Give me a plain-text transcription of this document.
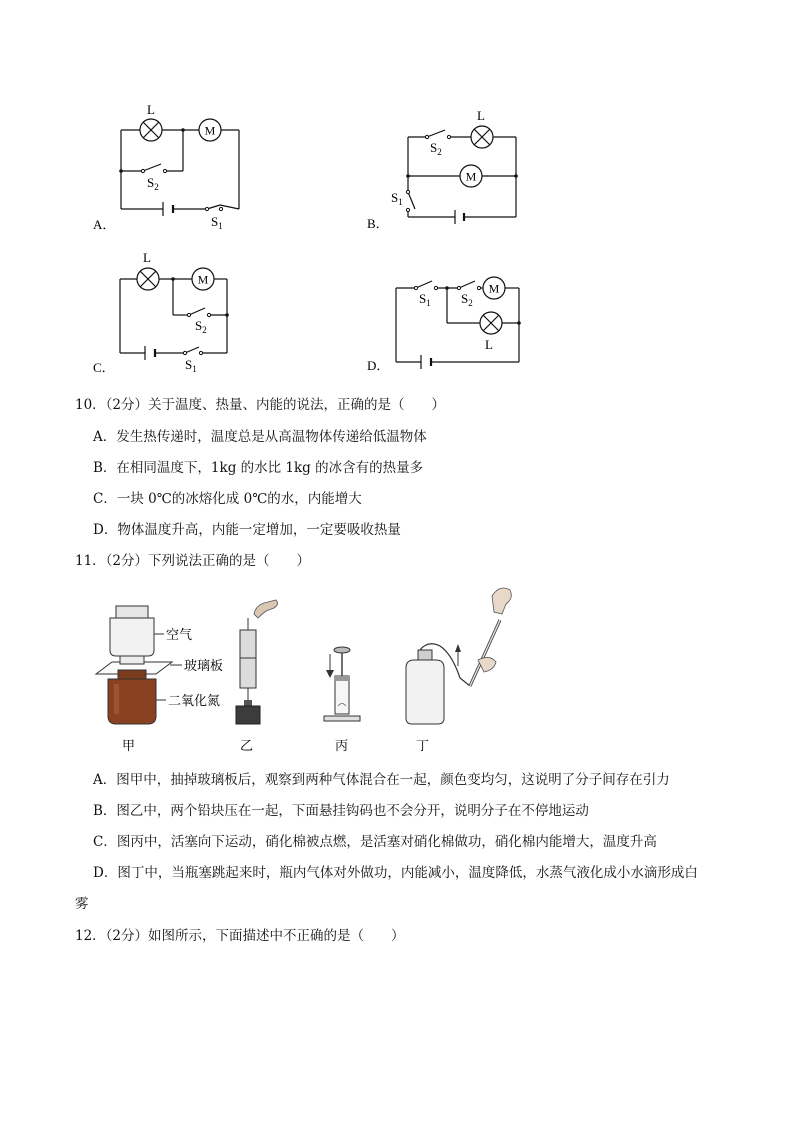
M
L
$S_2$
$S_1$
A．
M
L
$S_2$
$S_1$
B．
M
L
$S_2$
$S_1$
C．
M
$S_1$ $S_2$
L
D．
10．（2分）关于温度、热量、内能的说法，正确的是（　　）
A．发生热传递时，温度总是从高温物体传递给低温物体
B．在相同温度下，1kg 的水比 1kg 的冰含有的热量多
C．一块 0℃的冰熔化成 0℃的水，内能增大
D．物体温度升高，内能一定增加，一定要吸收热量
11．（2分）下列说法正确的是（　　）
空气
玻璃板
二氧化氮
甲	乙	丙	丁
A．图甲中，抽掉玻璃板后，观察到两种气体混合在一起，颜色变均匀，这说明了分子间存在引力
B．图乙中，两个铅块压在一起，下面悬挂钩码也不会分开，说明分子在不停地运动
C．图丙中，活塞向下运动，硝化棉被点燃，是活塞对硝化棉做功，硝化棉内能增大，温度升高
D．图丁中，当瓶塞跳起来时，瓶内气体对外做功，内能减小，温度降低，水蒸气液化成小水滴形成白
雾
12．（2分）如图所示，下面描述中不正确的是（　　）
